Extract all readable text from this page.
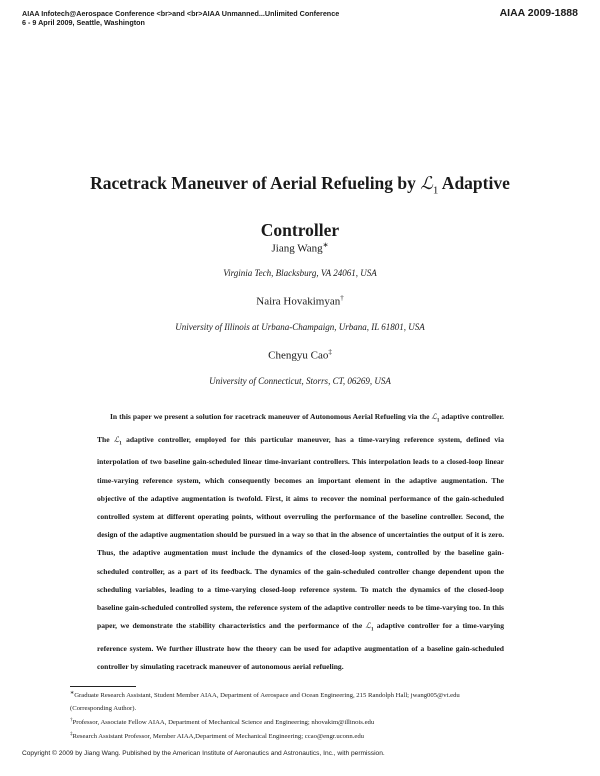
AIAA Infotech@Aerospace Conference <br>and <br>AIAA Unmanned...Unlimited Conference
6 - 9 April 2009, Seattle, Washington
AIAA 2009-1888
Racetrack Maneuver of Aerial Refueling by ℒ$_1$ Adaptive
Controller
Jiang Wang∗
Virginia Tech, Blacksburg, VA 24061, USA
Naira Hovakimyan†
University of Illinois at Urbana-Champaign, Urbana, IL 61801, USA
Chengyu Cao‡
University of Connecticut, Storrs, CT, 06269, USA

In this paper we present a solution for racetrack maneuver of Autonomous Aerial Refueling via the ℒ$_1$ adaptive controller. The ℒ$_1$ adaptive controller, employed for this particular maneuver, has a time-varying reference system, defined via interpolation of two baseline gain-scheduled linear time-invariant controllers. This interpolation leads to a closed-loop linear time-varying reference system, which consequently becomes an important element in the adaptive augmentation. The objective of the adaptive augmentation is twofold. First, it aims to recover the nominal performance of the gain-scheduled controlled system at different operating points, without overruling the performance of the baseline controller. Second, the design of the adaptive augmentation should be pursued in a way so that in the absence of uncertainties the output of it is zero. Thus, the adaptive augmentation must include the dynamics of the closed-loop system, controlled by the baseline gain-scheduled controller, as a part of its feedback. The dynamics of the gain-scheduled controller change dependent upon the scheduling variables, leading to a time-varying closed-loop reference system. To match the dynamics of the closed-loop baseline gain-scheduled controlled system, the reference system of the adaptive controller needs to be time-varying too. In this paper, we demonstrate the stability characteristics and the performance of the ℒ$_1$ adaptive controller for a time-varying reference system. We further illustrate how the theory can be used for adaptive augmentation of a baseline gain-scheduled controller by simulating racetrack maneuver of autonomous aerial refueling.

∗Graduate Research Assistant, Student Member AIAA, Department of Aerospace and Ocean Engineering, 215 Randolph Hall; jwang005@vt.edu

(Corresponding Author).

†Professor, Associate Fellow AIAA, Department of Mechanical Science and Engineering; nhovakim@illinois.edu

‡Research Assistant Professor, Member AIAA,Department of Mechanical Engineering; ccao@engr.uconn.edu

Copyright © 2009 by Jiang Wang. Published by the American Institute of Aeronautics and Astronautics, Inc., with permission.
